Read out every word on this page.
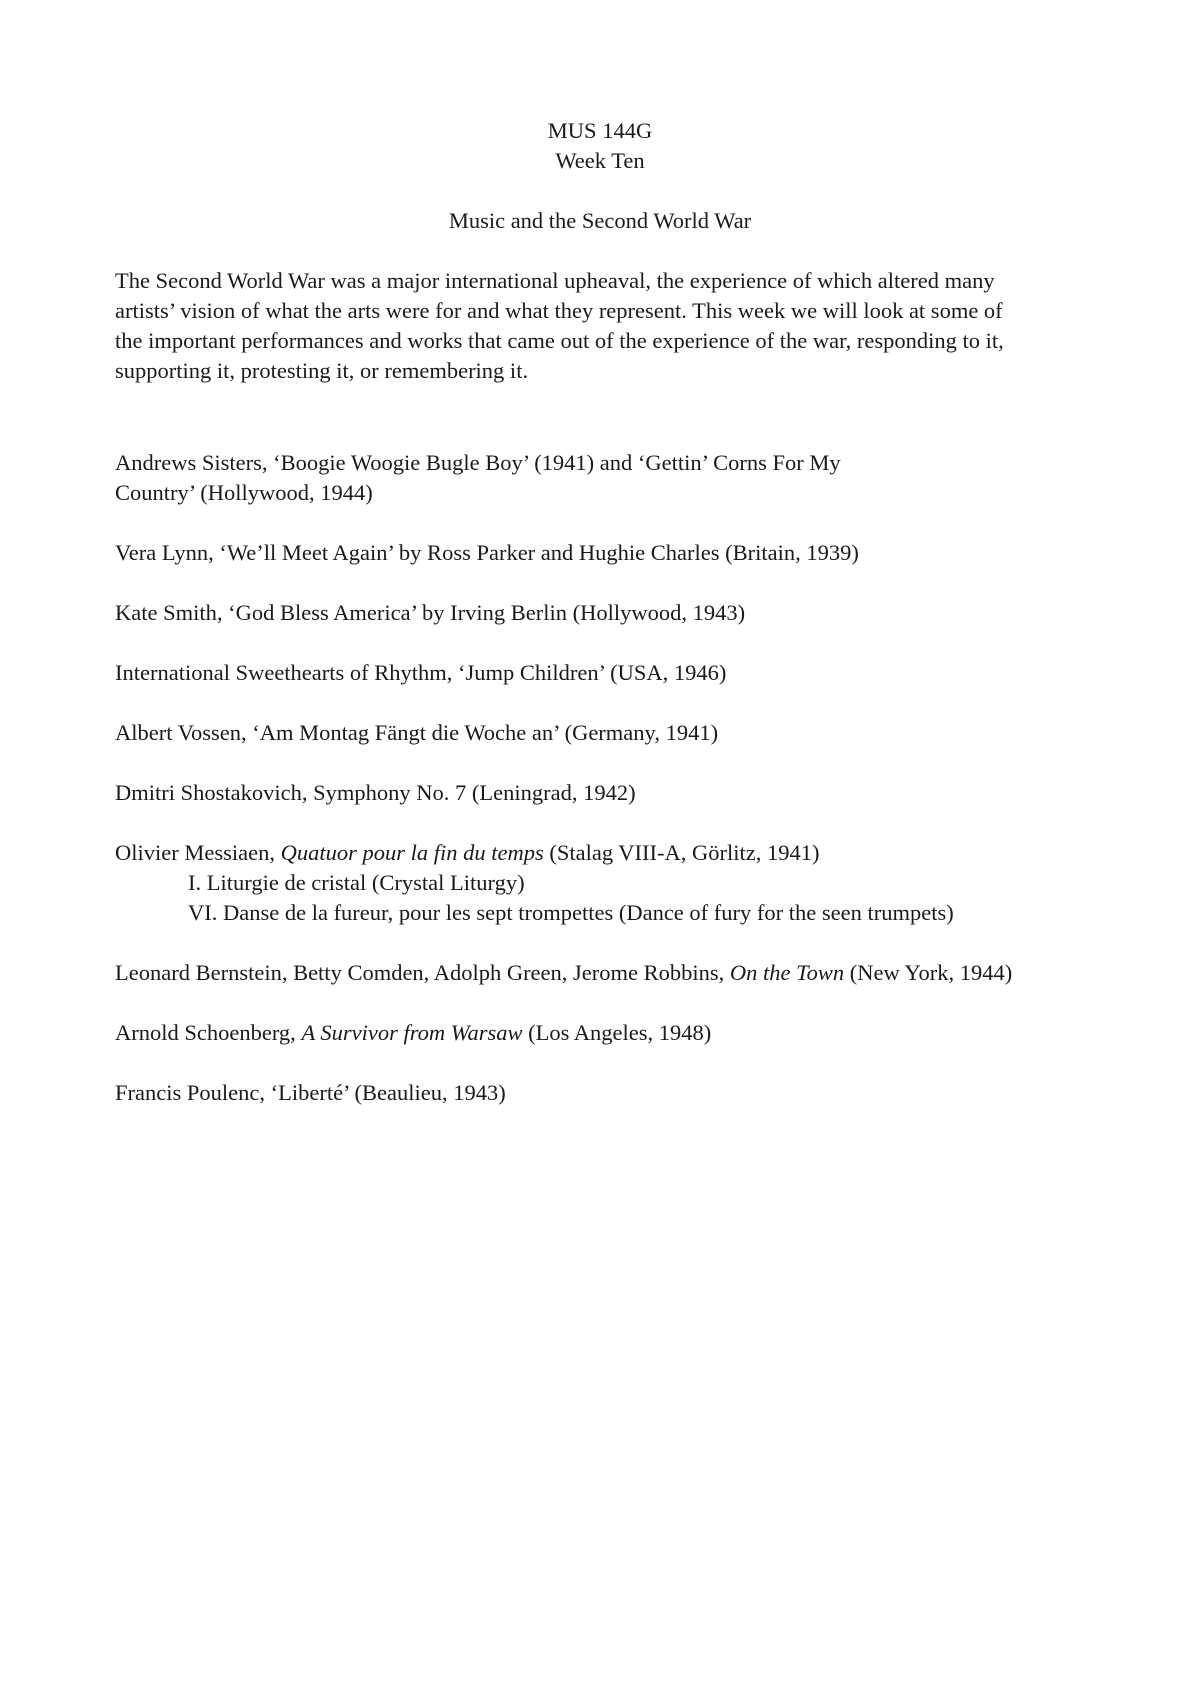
MUS 144G
Week Ten
Music and the Second World War
The Second World War was a major international upheaval, the experience of which altered many
artists’ vision of what the arts were for and what they represent. This week we will look at some of
the important performances and works that came out of the experience of the war, responding to it,
supporting it, protesting it, or remembering it.
Andrews Sisters, ‘Boogie Woogie Bugle Boy’ (1941) and ‘Gettin’ Corns For My
Country’ (Hollywood, 1944)
Vera Lynn, ‘We’ll Meet Again’ by Ross Parker and Hughie Charles (Britain, 1939)
Kate Smith, ‘God Bless America’ by Irving Berlin (Hollywood, 1943)
International Sweethearts of Rhythm, ‘Jump Children’ (USA, 1946)
Albert Vossen, ‘Am Montag Fängt die Woche an’ (Germany, 1941)
Dmitri Shostakovich, Symphony No. 7 (Leningrad, 1942)
Olivier Messiaen, Quatuor pour la fin du temps (Stalag VIII-A, Görlitz, 1941)
I. Liturgie de cristal (Crystal Liturgy)
VI. Danse de la fureur, pour les sept trompettes (Dance of fury for the seen trumpets)
Leonard Bernstein, Betty Comden, Adolph Green, Jerome Robbins, On the Town (New York, 1944)
Arnold Schoenberg, A Survivor from Warsaw (Los Angeles, 1948)
Francis Poulenc, ‘Liberté’ (Beaulieu, 1943)
